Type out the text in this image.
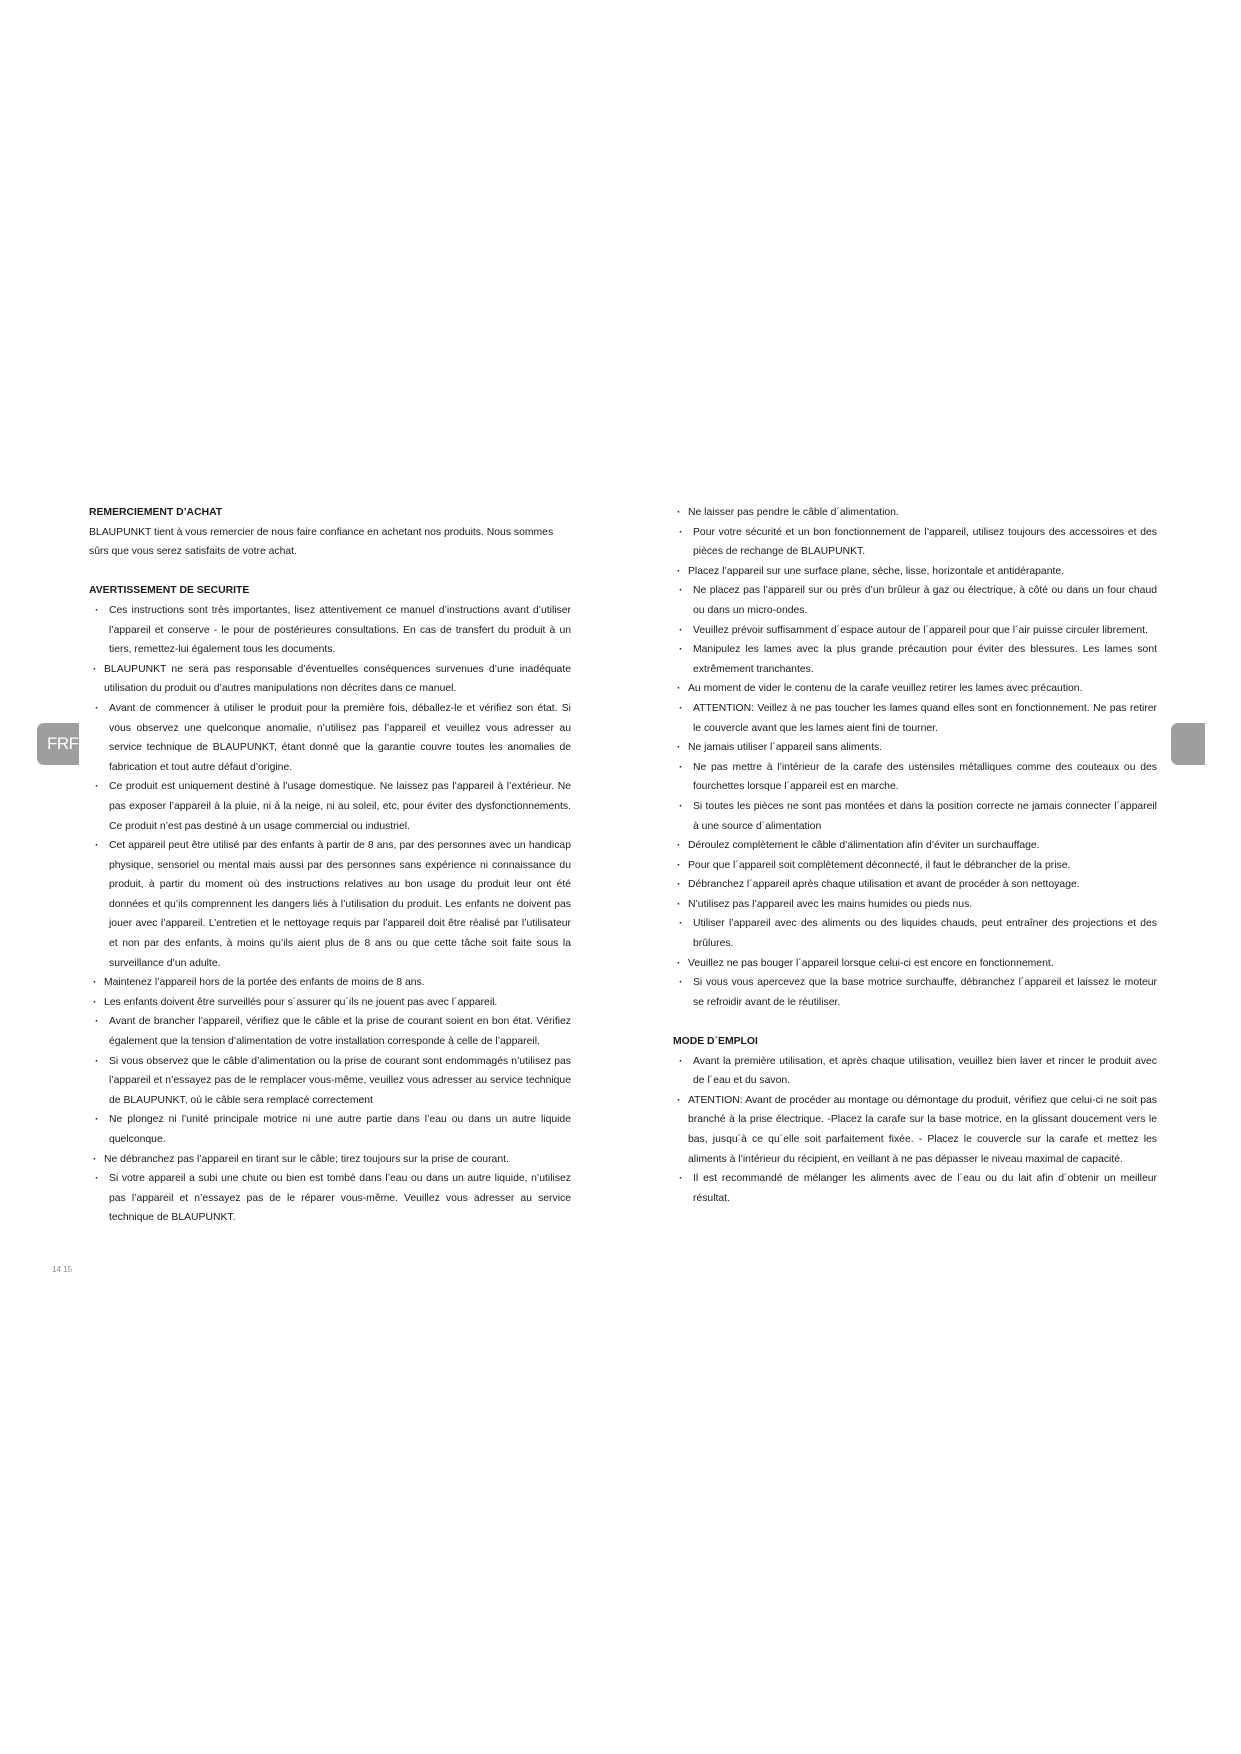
FRF

REMERCIEMENT D’ACHAT

BLAUPUNKT tient à vous remercier de nous faire confiance en achetant nos produits. Nous sommes sûrs que vous serez satisfaits de votre achat.

AVERTISSEMENT DE SECURITE

· Ces instructions sont très importantes, lisez attentivement ce manuel d’instructions avant d’utiliser l’appareil et conserve - le pour de postérieures consultations. En cas de transfert du produit à un tiers, remettez-lui également tous les documents.
· BLAUPUNKT ne sera pas responsable d’éventuelles conséquences survenues d’une inadéquate utilisation du produit ou d’autres manipulations non décrites dans ce manuel.
· Avant de commencer à utiliser le produit pour la première fois, déballez-le et vérifiez son état. Si vous observez une quelconque anomalie, n’utilisez pas l’appareil et veuillez vous adresser au service technique de BLAUPUNKT, étant donné que la garantie couvre toutes les anomalies de fabrication et tout autre défaut d’origine.
· Ce produit est uniquement destiné à l’usage domestique. Ne laissez pas l’appareil à l’extérieur. Ne pas exposer l’appareil à la pluie, ni à la neige, ni au soleil, etc, pour éviter des dysfonctionnements. Ce produit n’est pas destiné à un usage commercial ou industriel.
· Cet appareil peut être utilisé par des enfants à partir de 8 ans, par des personnes avec un handicap physique, sensoriel ou mental mais aussi par des personnes sans expérience ni connaissance du produit, à partir du moment où des instructions relatives au bon usage du produit leur ont été données et qu’ils comprennent les dangers liés à l’utilisation du produit. Les enfants ne doivent pas jouer avec l’appareil. L’entretien et le nettoyage requis par l’appareil doit être réalisé par l’utilisateur et non par des enfants, à moins qu’ils aient plus de 8 ans ou que cette tâche soit faite sous la surveillance d’un adulte.
· Maintenez l’appareil hors de la portée des enfants de moins de 8 ans.
· Les enfants doivent être surveillés pour s´assurer qu´ils ne jouent pas avec l´appareil.
· Avant de brancher l’appareil, vérifiez que le câble et la prise de courant soient en bon état. Vérifiez également que la tension d’alimentation de votre installation corresponde à celle de l’appareil.
· Si vous observez que le câble d’alimentation ou la prise de courant sont endommagés n’utilisez pas l’appareil et n’essayez pas de le remplacer vous-même, veuillez vous adresser au service technique de BLAUPUNKT, où le câble sera remplacé correctement
· Ne plongez ni l’unité principale motrice ni une autre partie dans l’eau ou dans un autre liquide quelconque.
· Ne débranchez pas l’appareil en tirant sur le câble; tirez toujours sur la prise de courant.
· Si votre appareil a subi une chute ou bien est tombé dans l’eau ou dans un autre liquide, n’utilisez pas l’appareil et n’essayez pas de le réparer vous-même. Veuillez vous adresser au service technique de BLAUPUNKT.
· Ne laisser pas pendre le câble d´alimentation.
· Pour votre sécurité et un bon fonctionnement de l’appareil, utilisez toujours des accessoires et des pièces de rechange de BLAUPUNKT.
· Placez l’appareil sur une surface plane, sèche, lisse, horizontale et antidérapante.
· Ne placez pas l’appareil sur ou près d’un brûleur à gaz ou électrique, à côté ou dans un four chaud ou dans un micro-ondes.
· Veuillez prévoir suffisamment d´espace autour de l´appareil pour que l´air puisse circuler librement.
· Manipulez les lames avec la plus grande précaution pour éviter des blessures. Les lames sont extrêmement tranchantes.
· Au moment de vider le contenu de la carafe veuillez retirer les lames avec précaution.
· ATTENTION: Veillez à ne pas toucher les lames quand elles sont en fonctionnement. Ne pas retirer le couvercle avant que les lames aient fini de tourner.
· Ne jamais utiliser l´appareil sans aliments.
· Ne pas mettre à l’intérieur de la carafe des ustensiles métalliques comme des couteaux ou des fourchettes lorsque l´appareil est en marche.
· Si toutes les pièces ne sont pas montées et dans la position correcte ne jamais connecter l´appareil à une source d´alimentation
· Déroulez complètement le câble d’alimentation afin d’éviter un surchauffage.
· Pour que l´appareil soit complètement déconnecté, il faut le débrancher de la prise.
· Débranchez l´appareil après chaque utilisation et avant de procéder à son nettoyage.
· N’utilisez pas l’appareil avec les mains humides ou pieds nus.
· Utiliser l’appareil avec des aliments ou des liquides chauds, peut entraîner des projections et des brûlures.
· Veuillez ne pas bouger l´appareil lorsque celui-ci est encore en fonctionnement.
· Si vous vous apercevez que la base motrice surchauffe, débranchez l´appareil et laissez le moteur se refroidir avant de le réutiliser.

MODE D´EMPLOI

· Avant la première utilisation, et après chaque utilisation, veuillez bien laver et rincer le produit avec de l´eau et du savon.
· ATENTION: Avant de procéder au montage ou démontage du produit, vérifiez que celui-ci ne soit pas branché à la prise électrique. -Placez la carafe sur la base motrice, en la glissant doucement vers le bas, jusqu´à ce qu´elle soit parfaitement fixée. - Placez le couvercle sur la carafe et mettez les aliments à l’intérieur du récipient, en veillant à ne pas dépasser le niveau maximal de capacité.
· Il est recommandé de mélanger les aliments avec de l´eau ou du lait afin d´obtenir un meilleur résultat.
14 15
